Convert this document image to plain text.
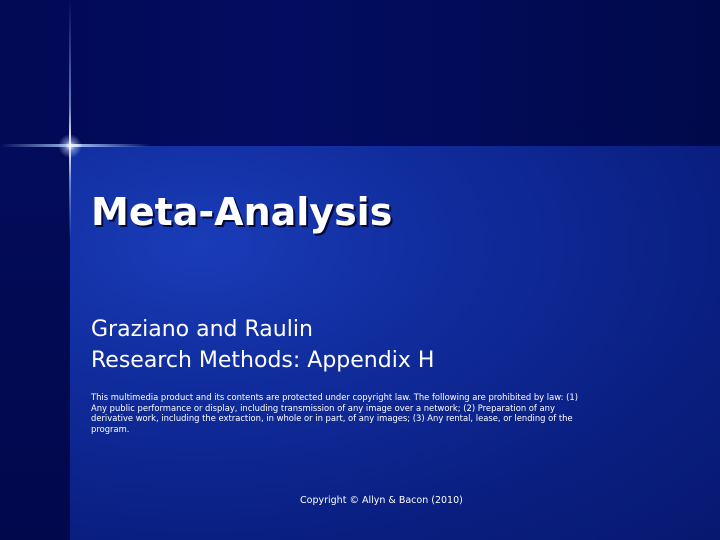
Meta-Analysis
Graziano and Raulin
Research Methods: Appendix H
This multimedia product and its contents are protected under copyright law. The following are prohibited by law: (1) Any public performance or display, including transmission of any image over a network; (2) Preparation of any derivative work, including the extraction, in whole or in part, of any images; (3) Any rental, lease, or lending of the program.
Copyright © Allyn & Bacon (2010)
